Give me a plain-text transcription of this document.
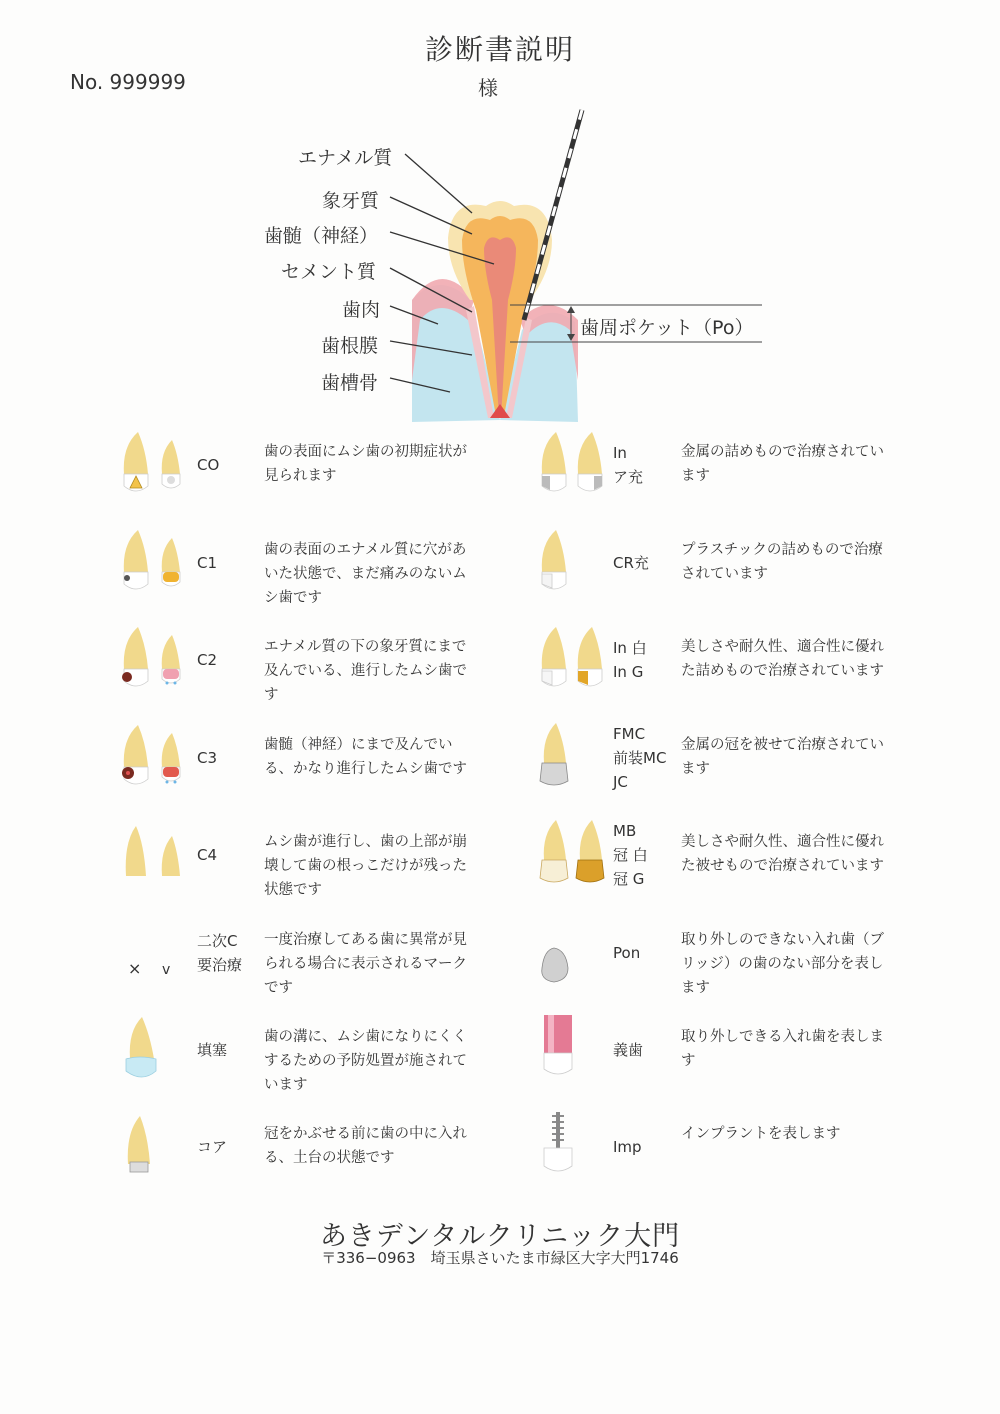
診断書説明
No. 999999	様
エナメル質
象牙質
歯髄（神経）
セメント質
歯肉
歯根膜
歯槽骨
歯周ポケット（Po）
あきデンタルクリニック大門
〒336−0963　埼玉県さいたま市緑区大字大門1746
CO
歯の表面にムシ歯の初期症状が見られます
C1
歯の表面のエナメル質に穴があいた状態で、まだ痛みのないムシ歯です
C2
エナメル質の下の象牙質にまで及んでいる、進行したムシ歯です
C3
歯髄（神経）にまで及んでいる、かなり進行したムシ歯です
C4
ムシ歯が進行し、歯の上部が崩壊して歯の根っこだけが残った状態です
× v
二次C
要治療
一度治療してある歯に異常が見られる場合に表示されるマークです
填塞
歯の溝に、ムシ歯になりにくくするための予防処置が施されています
コア
冠をかぶせる前に歯の中に入れる、土台の状態です
In
ア充
金属の詰めもので治療されています
CR充
プラスチックの詰めもので治療されています
In 白
In G
美しさや耐久性、適合性に優れた詰めもので治療されています
FMC
前装MC
JC
金属の冠を被せて治療されています
MB
冠 白
冠 G
美しさや耐久性、適合性に優れた被せもので治療されています
Pon
取り外しのできない入れ歯（ブリッジ）の歯のない部分を表します
義歯
取り外しできる入れ歯を表します
Imp
インプラントを表します
